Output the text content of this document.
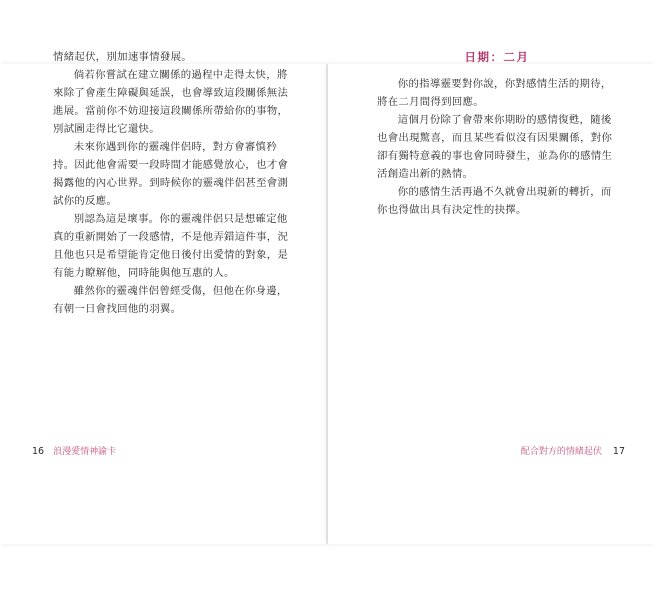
情緒起伏，別加速事情發展。

倘若你嘗試在建立關係的過程中走得太快，將來除了會產生障礙與延誤，也會導致這段關係無法進展。當前你不妨迎接這段關係所帶給你的事物，別試圖走得比它還快。

未來你遇到你的靈魂伴侶時，對方會審慎矜持。因此他會需要一段時間才能感覺放心，也才會揭露他的內心世界。到時候你的靈魂伴侶甚至會測試你的反應。

別認為這是壞事。你的靈魂伴侶只是想確定他真的重新開始了一段感情，不是他弄錯這件事，況且他也只是希望能肯定他日後付出愛情的對象，是有能力瞭解他，同時能與他互惠的人。

雖然你的靈魂伴侶曾經受傷，但他在你身邊，有朝一日會找回他的羽翼。

日期：二月

你的指導靈要對你說，你對感情生活的期待，將在二月間得到回應。

這個月份除了會帶來你期盼的感情復甦，隨後也會出現驚喜，而且某些看似沒有因果關係，對你卻有獨特意義的事也會同時發生，並為你的感情生活創造出新的熱情。

你的感情生活再過不久就會出現新的轉折，而你也得做出具有決定性的抉擇。

16 浪漫愛情神諭卡	配合對方的情緒起伏 17
